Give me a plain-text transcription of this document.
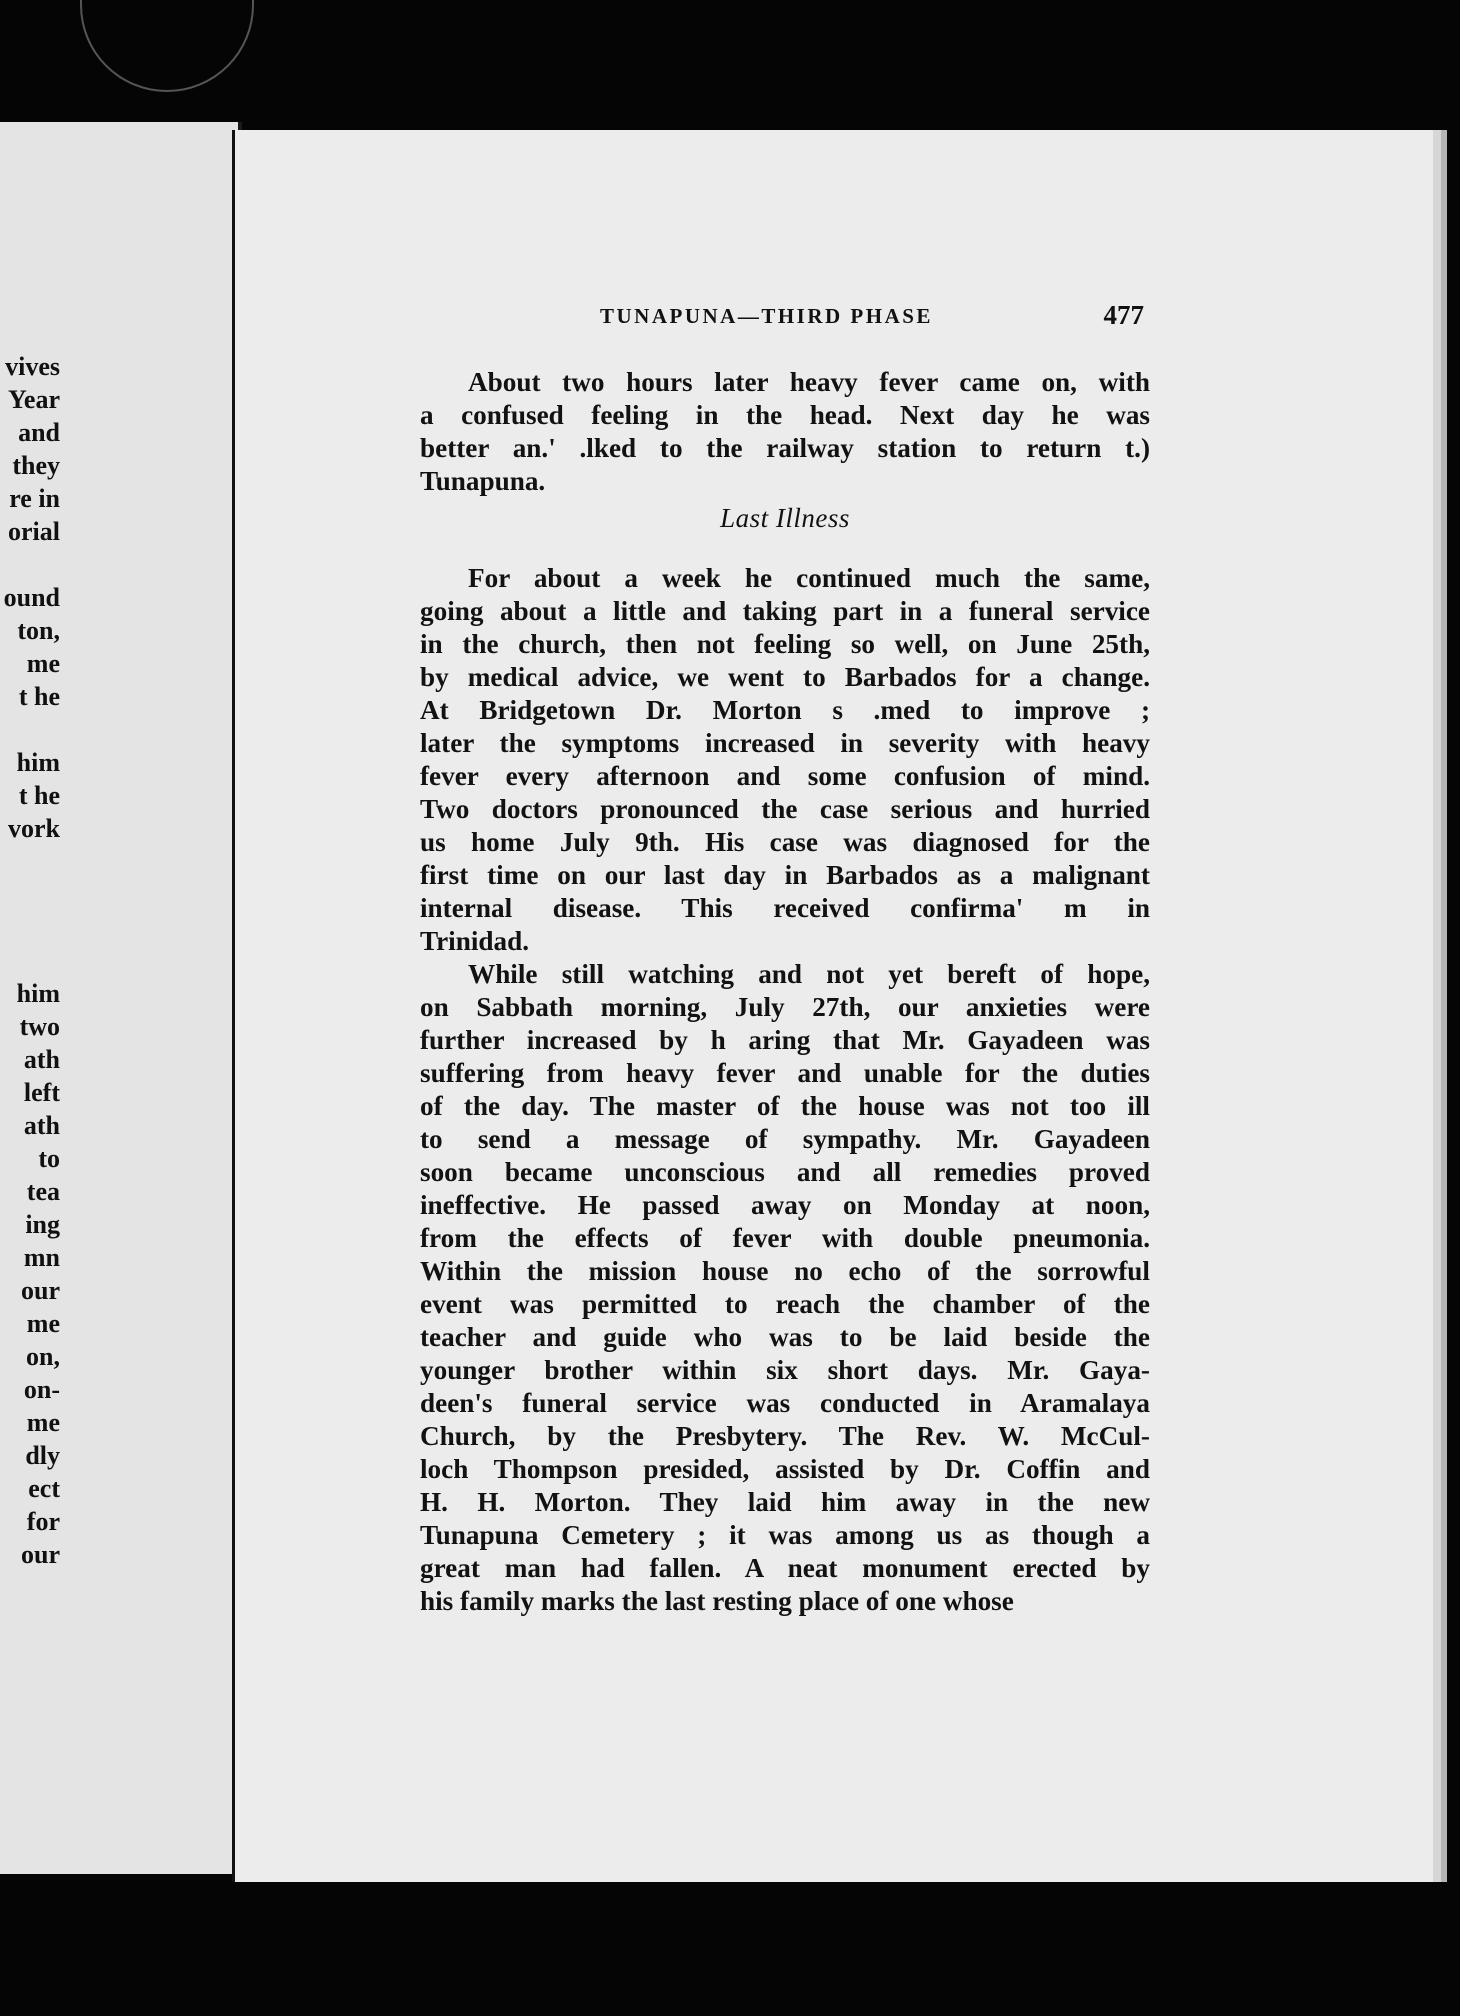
vives
Year
and
they
re in
orial
ound
ton,
me
t he
him
t he
vork
him
two
ath
left
ath
to
tea
ing
mn
our
me
on,
on-
me
dly
ect
for
our
TUNAPUNA—THIRD PHASE	477
About two hours later heavy fever came on, with
a confused feeling in the head. Next day he was
better an.' .lked to the railway station to return t.)
Tunapuna.
Last Illness
For about a week he continued much the same,
going about a little and taking part in a funeral service
in the church, then not feeling so well, on June 25th,
by medical advice, we went to Barbados for a change.
At Bridgetown Dr. Morton s .med to improve ;
later the symptoms increased in severity with heavy
fever every afternoon and some confusion of mind.
Two doctors pronounced the case serious and hurried
us home July 9th. His case was diagnosed for the
first time on our last day in Barbados as a malignant
internal disease. This received confirma' m in
Trinidad.
While still watching and not yet bereft of hope,
on Sabbath morning, July 27th, our anxieties were
further increased by h aring that Mr. Gayadeen was
suffering from heavy fever and unable for the duties
of the day. The master of the house was not too ill
to send a message of sympathy. Mr. Gayadeen
soon became unconscious and all remedies proved
ineffective. He passed away on Monday at noon,
from the effects of fever with double pneumonia.
Within the mission house no echo of the sorrowful
event was permitted to reach the chamber of the
teacher and guide who was to be laid beside the
younger brother within six short days. Mr. Gaya-
deen's funeral service was conducted in Aramalaya
Church, by the Presbytery. The Rev. W. McCul-
loch Thompson presided, assisted by Dr. Coffin and
H. H. Morton. They laid him away in the new
Tunapuna Cemetery ; it was among us as though a
great man had fallen. A neat monument erected by
his family marks the last resting place of one whose
